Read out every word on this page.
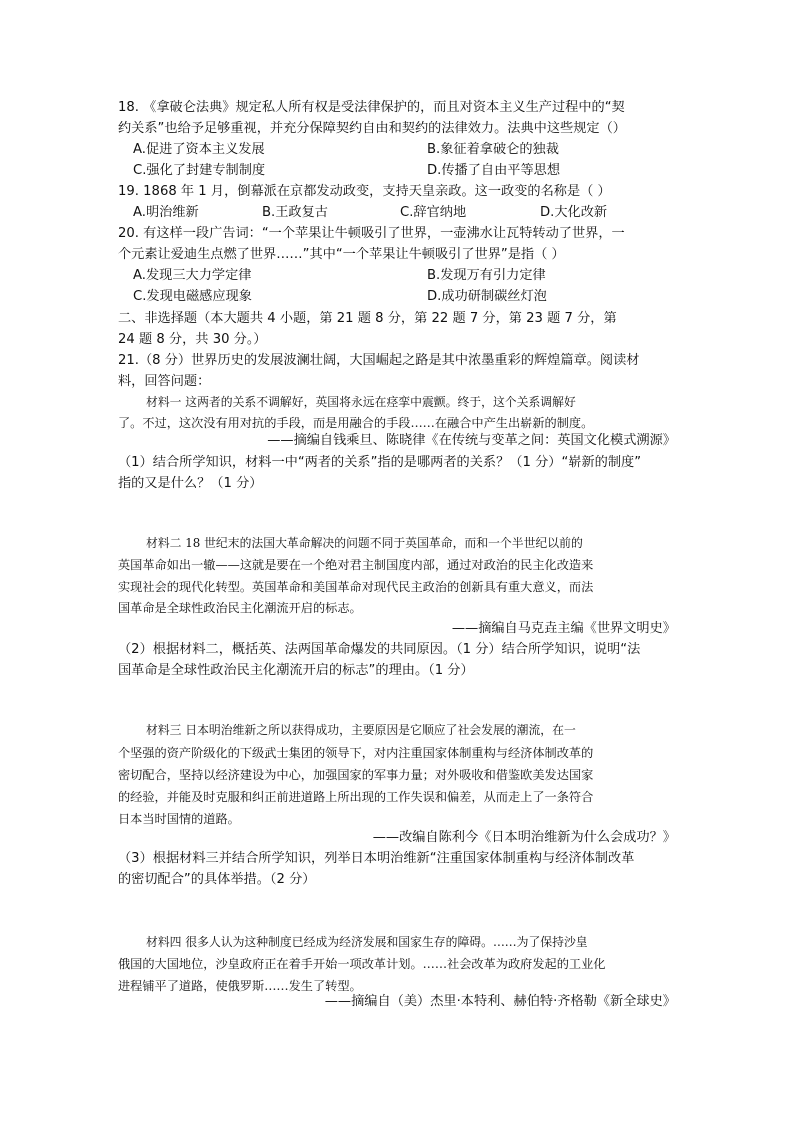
18. 《拿破仑法典》规定私人所有权是受法律保护的，而且对资本主义生产过程中的“契
约关系”也给予足够重视，并充分保障契约自由和契约的法律效力。法典中这些规定（）
A.促进了资本主义发展	B.象征着拿破仑的独裁
C.强化了封建专制制度	D.传播了自由平等思想
19. 1868 年 1 月，倒幕派在京都发动政变，支持天皇亲政。这一政变的名称是（ ）
A.明治维新	B.王政复古	C.辞官纳地	D.大化改新
20. 有这样一段广告词：“一个苹果让牛顿吸引了世界，一壶沸水让瓦特转动了世界，一
个元素让爱迪生点燃了世界……”其中“一个苹果让牛顿吸引了世界”是指（ ）
A.发现三大力学定律	B.发现万有引力定律
C.发现电磁感应现象	D.成功研制碳丝灯泡
二、非选择题（本大题共 4 小题，第 21 题 8 分，第 22 题 7 分，第 23 题 7 分，第
24 题 8 分，共 30 分。）
21.（8 分）世界历史的发展波澜壮阔，大国崛起之路是其中浓墨重彩的辉煌篇章。阅读材
料，回答问题：
材料一 这两者的关系不调解好，英国将永远在痉挛中震颤。终于，这个关系调解好
了。不过，这次没有用对抗的手段，而是用融合的手段……在融合中产生出崭新的制度。
——摘编自钱乘旦、陈晓律《在传统与变革之间：英国文化模式溯源》
（1）结合所学知识，材料一中“两者的关系”指的是哪两者的关系？（1 分）“崭新的制度”
指的又是什么？（1 分）
材料二 18 世纪末的法国大革命解决的问题不同于英国革命，而和一个半世纪以前的
英国革命如出一辙——这就是要在一个绝对君主制国度内部，通过对政治的民主化改造来
实现社会的现代化转型。英国革命和美国革命对现代民主政治的创新具有重大意义，而法
国革命是全球性政治民主化潮流开启的标志。
——摘编自马克垚主编《世界文明史》
（2）根据材料二，概括英、法两国革命爆发的共同原因。（1 分）结合所学知识，说明“法
国革命是全球性政治民主化潮流开启的标志”的理由。（1 分）
材料三 日本明治维新之所以获得成功，主要原因是它顺应了社会发展的潮流，在一
个坚强的资产阶级化的下级武士集团的领导下，对内注重国家体制重构与经济体制改革的
密切配合，坚持以经济建设为中心，加强国家的军事力量；对外吸收和借鉴欧美发达国家
的经验，并能及时克服和纠正前进道路上所出现的工作失误和偏差，从而走上了一条符合
日本当时国情的道路。
——改编自陈利今《日本明治维新为什么会成功？》
（3）根据材料三并结合所学知识，列举日本明治维新“注重国家体制重构与经济体制改革
的密切配合”的具体举措。（2 分）
材料四 很多人认为这种制度已经成为经济发展和国家生存的障碍。……为了保持沙皇
俄国的大国地位，沙皇政府正在着手开始一项改革计划。……社会改革为政府发起的工业化
进程铺平了道路，使俄罗斯……发生了转型。
——摘编自（美）杰里·本特利、赫伯特·齐格勒《新全球史》
